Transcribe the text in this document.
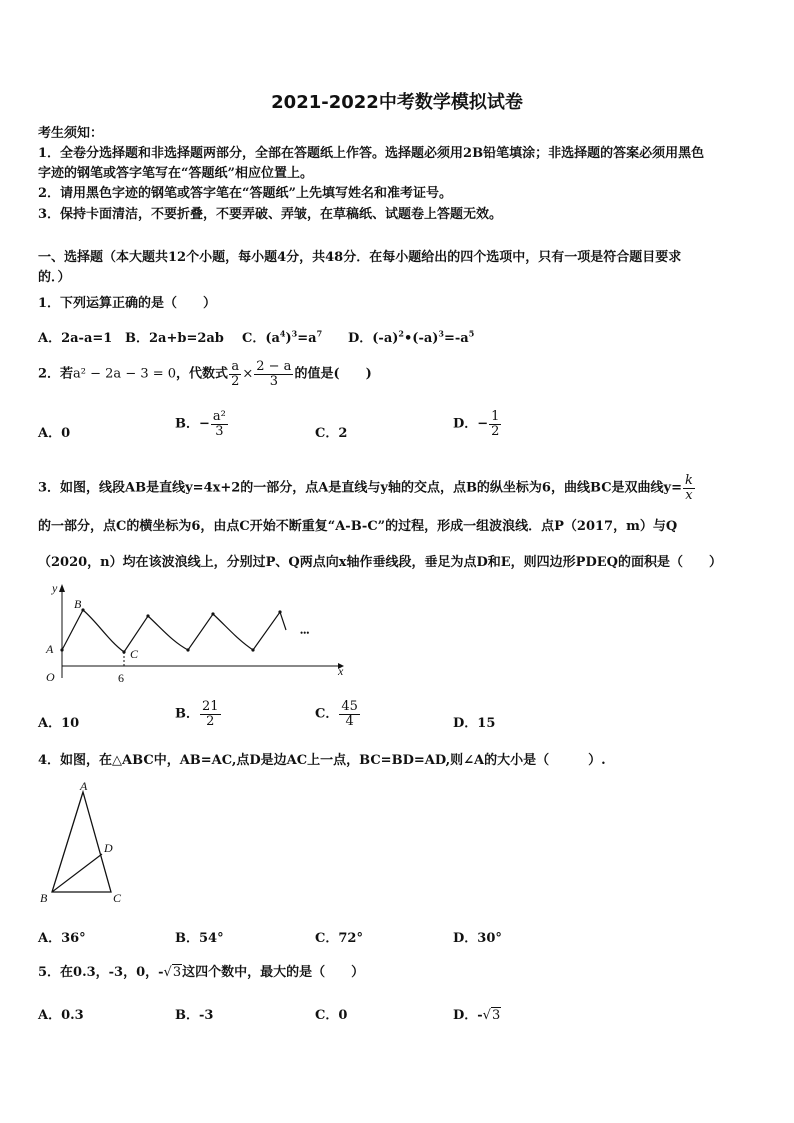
2021-2022中考数学模拟试卷
考生须知：
1．全卷分选择题和非选择题两部分，全部在答题纸上作答。选择题必须用2B铅笔填涂；非选择题的答案必须用黑色
字迹的钢笔或答字笔写在“答题纸”相应位置上。
2．请用黑色字迹的钢笔或答字笔在“答题纸”上先填写姓名和准考证号。
3．保持卡面清洁，不要折叠，不要弄破、弄皱，在草稿纸、试题卷上答题无效。
一、选择题（本大题共12个小题，每小题4分，共48分．在每小题给出的四个选项中，只有一项是符合题目要求
的．）
1．下列运算正确的是（　　）
A．2a-a=1 B．2a+b=2ab C．$(a^4)^3=a^7$ D．$(-a)^2•(-a)^3=-a^5$
2．若a² − 2a − 3 = 0，代数式 $\frac{a}{2} \times \frac{2 - a}{3}$ 的值是(　　)
A．0
B．− $\frac{\text{a²}}{3}$	C．2
D．− $\frac{1}{2}$
3．如图，线段AB是直线y=4x+2的一部分，点A是直线与y轴的交点，点B的纵坐标为6，曲线BC是双曲线$y= \frac{k}{x}$
的一部分，点C的横坐标为6，由点C开始不断重复“A-B-C”的过程，形成一组波浪线．点P（2017，m）与Q
（2020，n）均在该波浪线上，分别过P、Q两点向x轴作垂线段，垂足为点D和E，则四边形PDEQ的面积是（　　）
y
x
O
A
B
C
6
•••
A．10
B． $\frac{21}{2}$	C． $\frac{45}{4}$	D．15
4．如图，在△ABC中，AB=AC,点D是边AC上一点，BC=BD=AD,则∠A的大小是（　　　）.
A
B	C
D
A．36°	B．54°	C．72°	D．30°
5．在0.3，-3，0，-√3这四个数中，最大的是（　　）
A．0.3	B．-3	C．0	D．-√3
